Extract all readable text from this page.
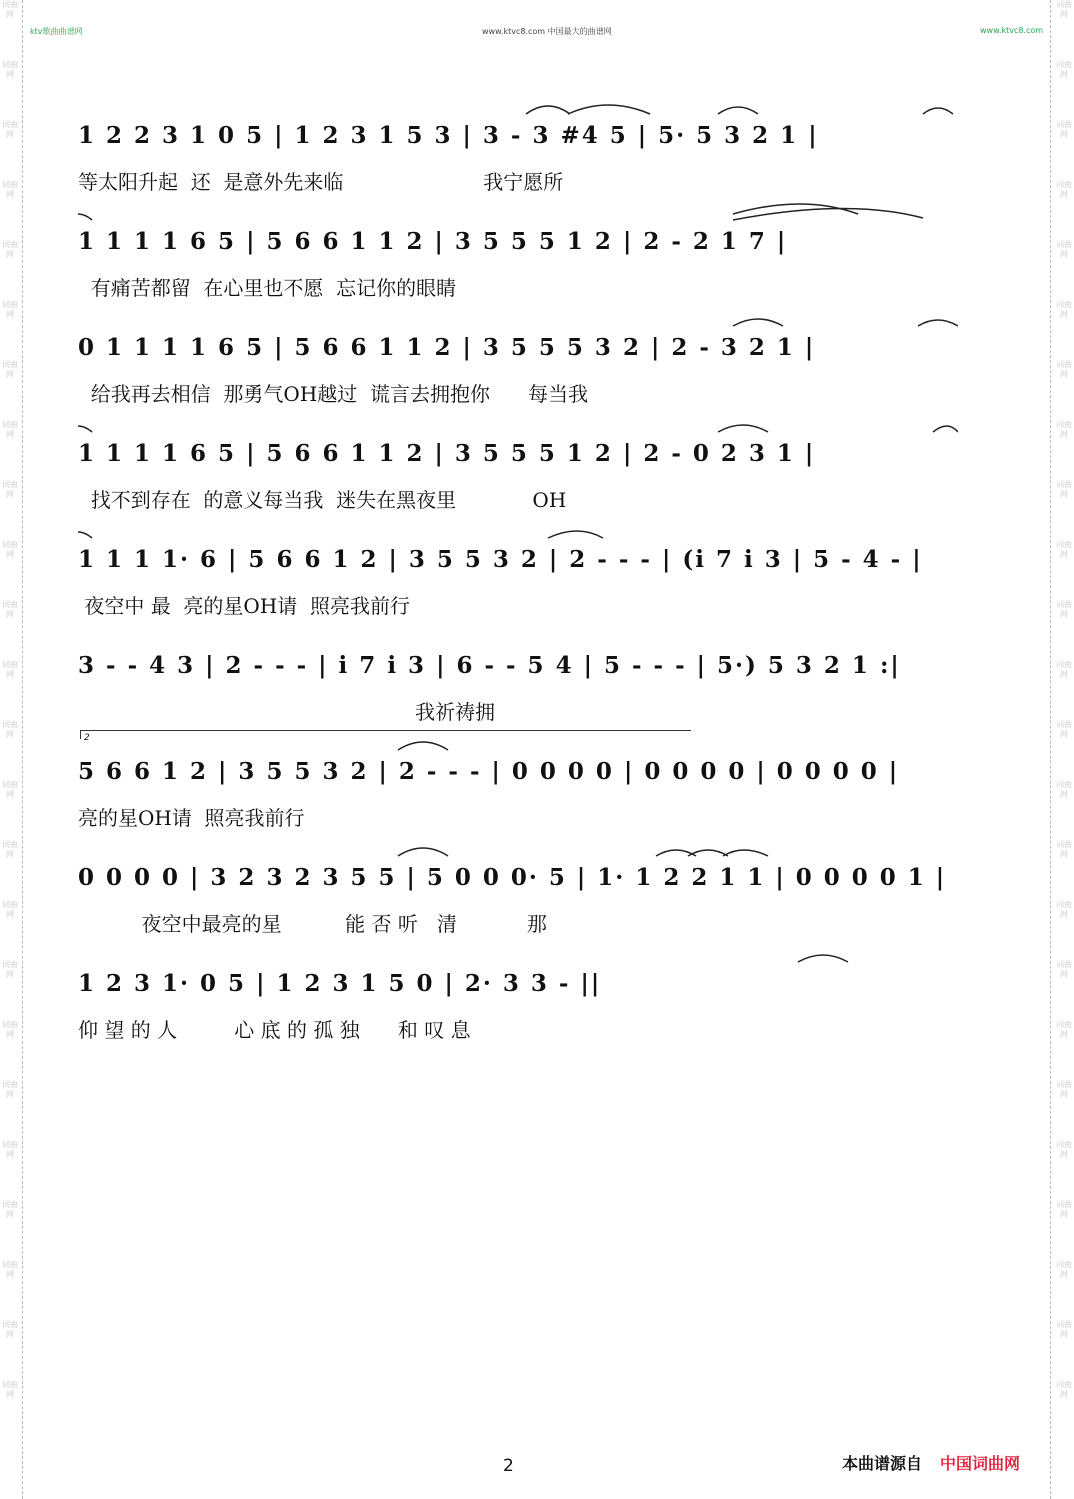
词曲网
词曲网
词曲网
词曲网
词曲网
词曲网
词曲网
词曲网
词曲网
词曲网
词曲网
词曲网
词曲网
词曲网
词曲网
词曲网
词曲网
词曲网
词曲网
词曲网
词曲网
词曲网
词曲网
词曲网
词曲网
词曲网
词曲网
词曲网
词曲网
词曲网
词曲网
词曲网
词曲网
词曲网
词曲网
词曲网
词曲网
词曲网
词曲网
词曲网
词曲网
词曲网
词曲网
词曲网
词曲网
词曲网
词曲网
词曲网
ktv歌曲曲谱网	www.ktvc8.com 中国最大的曲谱网	www.ktvc8.com
1 2 2 3 1 0 5 | 1 2 3 1 5 3 | 3 - 3 #4 5 | 5· 5 3 2 1 |
等太阳升起  还  是意外先来临                      我宁愿所
1 1 1 1 6 5 | 5 6 6 1 1 2 | 3 5 5 5 1 2 | 2 - 2 1 7 |
有痛苦都留  在心里也不愿  忘记你的眼睛
0 1 1 1 1 6 5 | 5 6 6 1 1 2 | 3 5 5 5 3 2 | 2 - 3 2 1 |
给我再去相信  那勇气OH越过  谎言去拥抱你      每当我
1 1 1 1 6 5 | 5 6 6 1 1 2 | 3 5 5 5 1 2 | 2 - 0 2 3 1 |
找不到存在  的意义每当我  迷失在黑夜里            OH
1 1 1 1· 6 | 5 6 6 1 2 | 3 5 5 3 2 | 2 - - - | (i 7 i 3 | 5 - 4 - |
夜空中 最  亮的星OH请  照亮我前行
3 - - 4 3 | 2 - - - | i 7 i 3 | 6 - - 5 4 | 5 - - - | 5·) 5 3 2 1 :|
我祈祷拥
2
5 6 6 1 2 | 3 5 5 3 2 | 2 - - - | 0 0 0 0 | 0 0 0 0 | 0 0 0 0 |
亮的星OH请  照亮我前行
0 0 0 0 | 3 2 3 2 3 5 5 | 5 0 0 0· 5 | 1· 1 2 2 1 1 | 0 0 0 0 1 |
夜空中最亮的星          能 否 听   清           那
1 2 3 1· 0 5 | 1 2 3 1 5 0 | 2· 3 3 - ||
仰 望 的 人         心 底 的 孤 独      和 叹 息
2	本曲谱源自 中国词曲网
